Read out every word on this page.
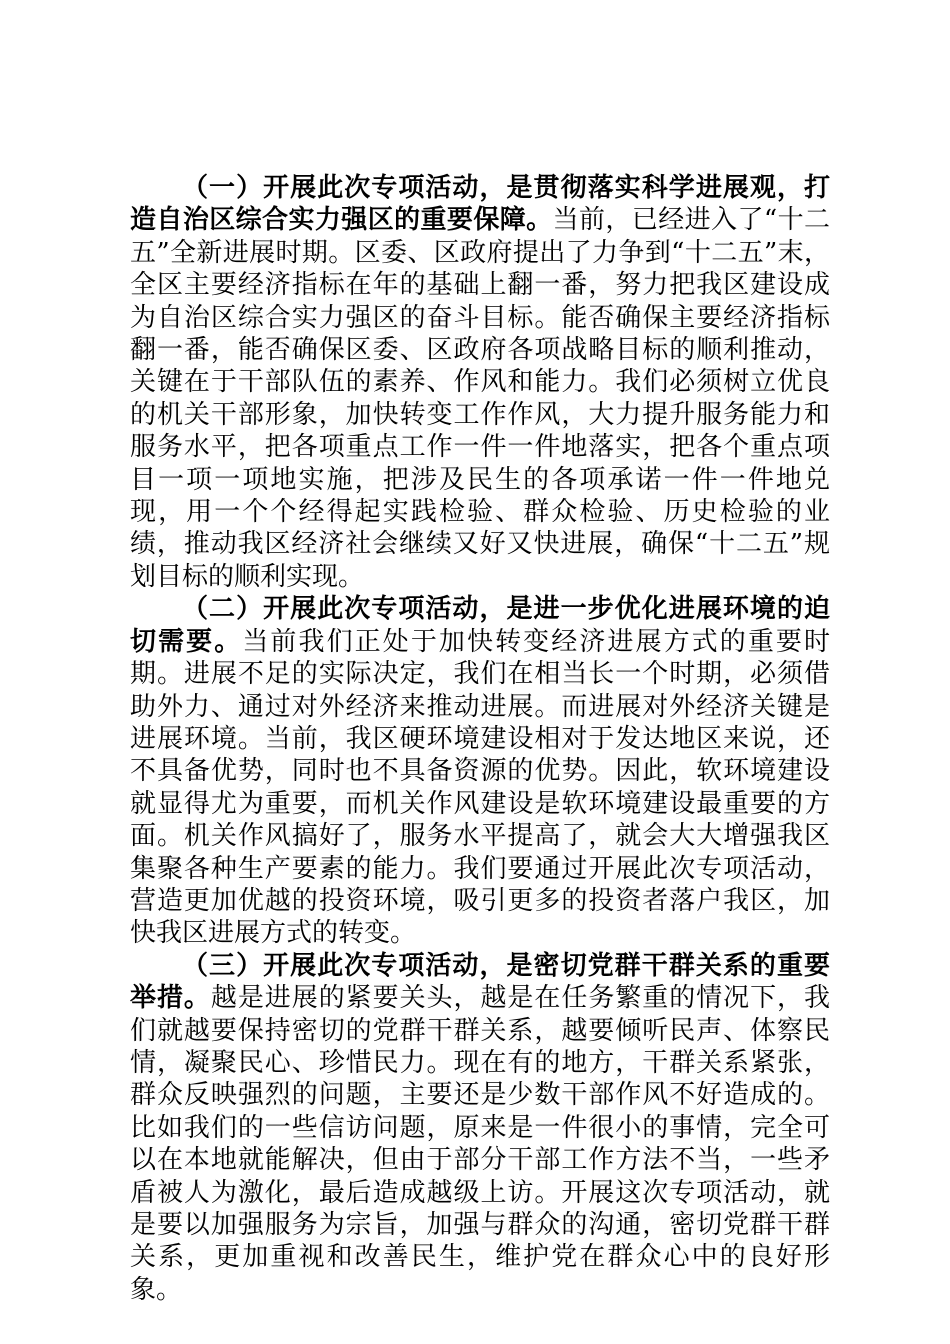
（一）开展此次专项活动，是贯彻落实科学进展观，打造自治区综合实力强区的重要保障。当前，已经进入了“十二五”全新进展时期。区委、区政府提出了力争到“十二五”末，全区主要经济指标在年的基础上翻一番，努力把我区建设成为自治区综合实力强区的奋斗目标。能否确保主要经济指标翻一番，能否确保区委、区政府各项战略目标的顺利推动，关键在于干部队伍的素养、作风和能力。我们必须树立优良的机关干部形象，加快转变工作作风，大力提升服务能力和服务水平，把各项重点工作一件一件地落实，把各个重点项目一项一项地实施，把涉及民生的各项承诺一件一件地兑现，用一个个经得起实践检验、群众检验、历史检验的业绩，推动我区经济社会继续又好又快进展，确保“十二五”规划目标的顺利实现。

（二）开展此次专项活动，是进一步优化进展环境的迫切需要。当前我们正处于加快转变经济进展方式的重要时期。进展不足的实际决定，我们在相当长一个时期，必须借助外力、通过对外经济来推动进展。而进展对外经济关键是进展环境。当前，我区硬环境建设相对于发达地区来说，还不具备优势，同时也不具备资源的优势。因此，软环境建设就显得尤为重要，而机关作风建设是软环境建设最重要的方面。机关作风搞好了，服务水平提高了，就会大大增强我区集聚各种生产要素的能力。我们要通过开展此次专项活动，营造更加优越的投资环境，吸引更多的投资者落户我区，加快我区进展方式的转变。

（三）开展此次专项活动，是密切党群干群关系的重要举措。越是进展的紧要关头，越是在任务繁重的情况下，我们就越要保持密切的党群干群关系，越要倾听民声、体察民情，凝聚民心、珍惜民力。现在有的地方，干群关系紧张，群众反映强烈的问题，主要还是少数干部作风不好造成的。比如我们的一些信访问题，原来是一件很小的事情，完全可以在本地就能解决，但由于部分干部工作方法不当，一些矛盾被人为激化，最后造成越级上访。开展这次专项活动，就是要以加强服务为宗旨，加强与群众的沟通，密切党群干群关系，更加重视和改善民生，维护党在群众心中的良好形象。
